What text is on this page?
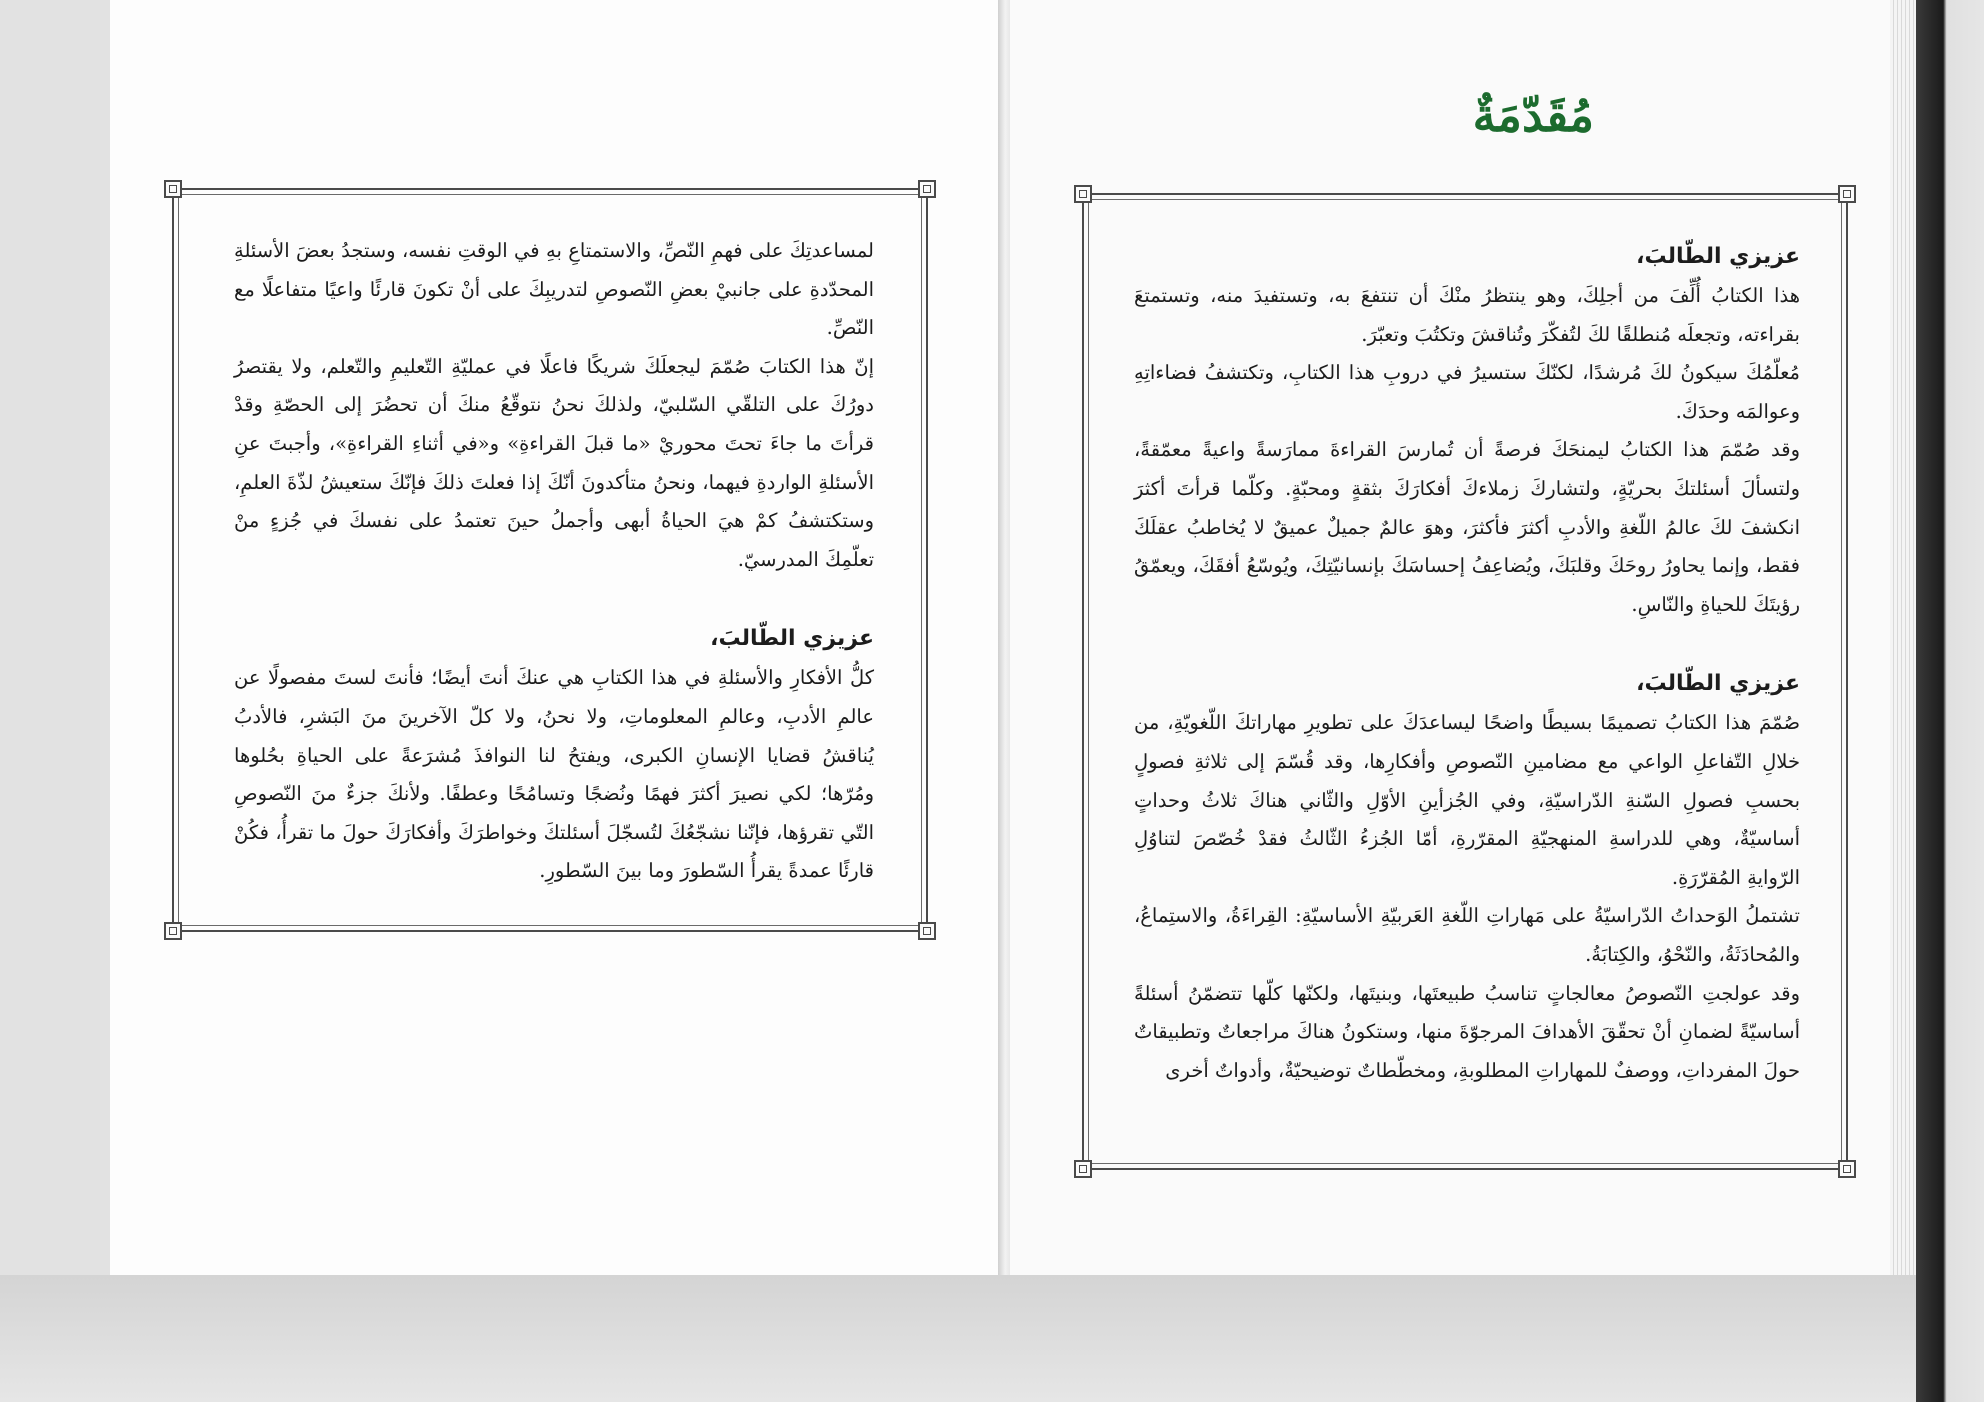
لمساعدتِكَ على فهمِ النّصِّ، والاستمتاعِ بهِ في الوقتِ نفسه، وستجدُ بعضَ الأسئلةِ المحدّدةِ على جانبيْ بعضِ النّصوصِ لتدريبِكَ على أنْ تكونَ قارئًا واعيًا متفاعلًا مع النّصِّ.

إنّ هذا الكتابَ صُمّمَ ليجعلَكَ شريكًا فاعلًا في عمليّةِ التّعليمِ والتّعلم، ولا يقتصرُ دورُكَ على التلقّي السّلبيّ، ولذلكَ نحنُ نتوقّعُ منكَ أن تحضُرَ إلى الحصّةِ وقدْ قرأتَ ما جاءَ تحتَ محوريْ «ما قبلَ القراءةِ» و«في أثناءِ القراءةِ»، وأجبتَ عنِ الأسئلةِ الواردةِ فيهما، ونحنُ متأكدونَ أنّكَ إذا فعلتَ ذلكَ فإنّكَ ستعيشُ لذّةَ العلمِ، وستكتشفُ كمْ هيَ الحياةُ أبهى وأجملُ حينَ تعتمدُ على نفسكَ في جُزءٍ منْ تعلّمِكَ المدرسيّ.

عزيزي الطّالبَ،

كلُّ الأفكارِ والأسئلةِ في هذا الكتابِ هي عنكَ أنتَ أيضًا؛ فأنتَ لستَ مفصولًا عن عالمِ الأدبِ، وعالمِ المعلوماتِ، ولا نحنُ، ولا كلّ الآخرينَ منَ البَشرِ، فالأدبُ يُناقشُ قضايا الإنسانِ الكبرى، ويفتحُ لنا النوافذَ مُشرَعةً على الحياةِ بحُلوها ومُرّها؛ لكي نصيرَ أكثرَ فهمًا ونُضجًا وتسامُحًا وعطفًا. ولأنكَ جزءٌ منَ النّصوصِ التّي تقرؤها، فإنّنا نشجّعُكَ لتُسجّلَ أسئلتكَ وخواطرَكَ وأفكارَكَ حولَ ما تقرأُ، فكُنْ قارئًا عمدةً يقرأُ السّطورَ وما بينَ السّطورِ.

مُقَدّمَةٌ

عزيزي الطّالبَ،

هذا الكتابُ أُلِّفَ من أجلِكَ، وهو ينتظرُ منْكَ أن تنتفعَ به، وتستفيدَ منه، وتستمتعَ بقراءته، وتجعلَه مُنطلقًا لكَ لتُفكّرَ وتُناقشَ وتكتُبَ وتعبّرَ.

مُعلّمُكَ سيكونُ لكَ مُرشدًا، لكنّكَ ستسيرُ في دروبِ هذا الكتابِ، وتكتشفُ فضاءاتِهِ وعوالمَه وحدَكَ.

وقد صُمّمَ هذا الكتابُ ليمنحَكَ فرصةً أن تُمارسَ القراءةَ ممارَسةً واعيةً معمّقةً، ولتسألَ أسئلتكَ بحريّةٍ، ولتشاركَ زملاءكَ أفكارَكَ بثقةٍ ومحبّةٍ. وكلّما قرأتَ أكثرَ انكشفَ لكَ عالمُ اللّغةِ والأدبِ أكثرَ فأكثرَ، وهوَ عالمٌ جميلٌ عميقٌ لا يُخاطبُ عقلَكَ فقط، وإنما يحاورُ روحَكَ وقلبَكَ، ويُضاعِفُ إحساسَكَ بإنسانيّتِكَ، ويُوسّعُ أفقَكَ، ويعمّقُ رؤيتَكَ للحياةِ والنّاسِ.

عزيزي الطّالبَ،

صُمّمَ هذا الكتابُ تصميمًا بسيطًا واضحًا ليساعدَكَ على تطويرِ مهاراتكَ اللّغويّةِ، من خلالِ التّفاعلِ الواعي مع مضامينِ النّصوصِ وأفكارِها، وقد قُسّمَ إلى ثلاثةِ فصولٍ بحسبِ فصولِ السّنةِ الدّراسيّةِ، وفي الجُزأينِ الأوّلِ والثّاني هناكَ ثلاثُ وحداتٍ أساسيّةٌ، وهي للدراسةِ المنهجيّةِ المقرّرةِ، أمّا الجُزءُ الثّالثُ فقدْ خُصّصَ لتناوُلِ الرّوايةِ المُقرّرَةِ.

تشتملُ الوَحداتُ الدّراسيّةُ على مَهاراتِ اللّغةِ العَربيّةِ الأساسيّةِ: القِراءَةُ، والاستِماعُ، والمُحادَثَةُ، والنّحْوُ، والكِتابَةُ.

وقد عولجتِ النّصوصُ معالجاتٍ تناسبُ طبيعتَها، وبنيتَها، ولكنّها كلّها تتضمّنُ أسئلةً أساسيّةً لضمانِ أنْ تحقّقَ الأهدافَ المرجوّةَ منها، وستكونُ هناكَ مراجعاتٌ وتطبيقاتٌ حولَ المفرداتِ، ووصفٌ للمهاراتِ المطلوبةِ، ومخطّطاتٌ توضيحيّةٌ، وأدواتٌ أخرى
